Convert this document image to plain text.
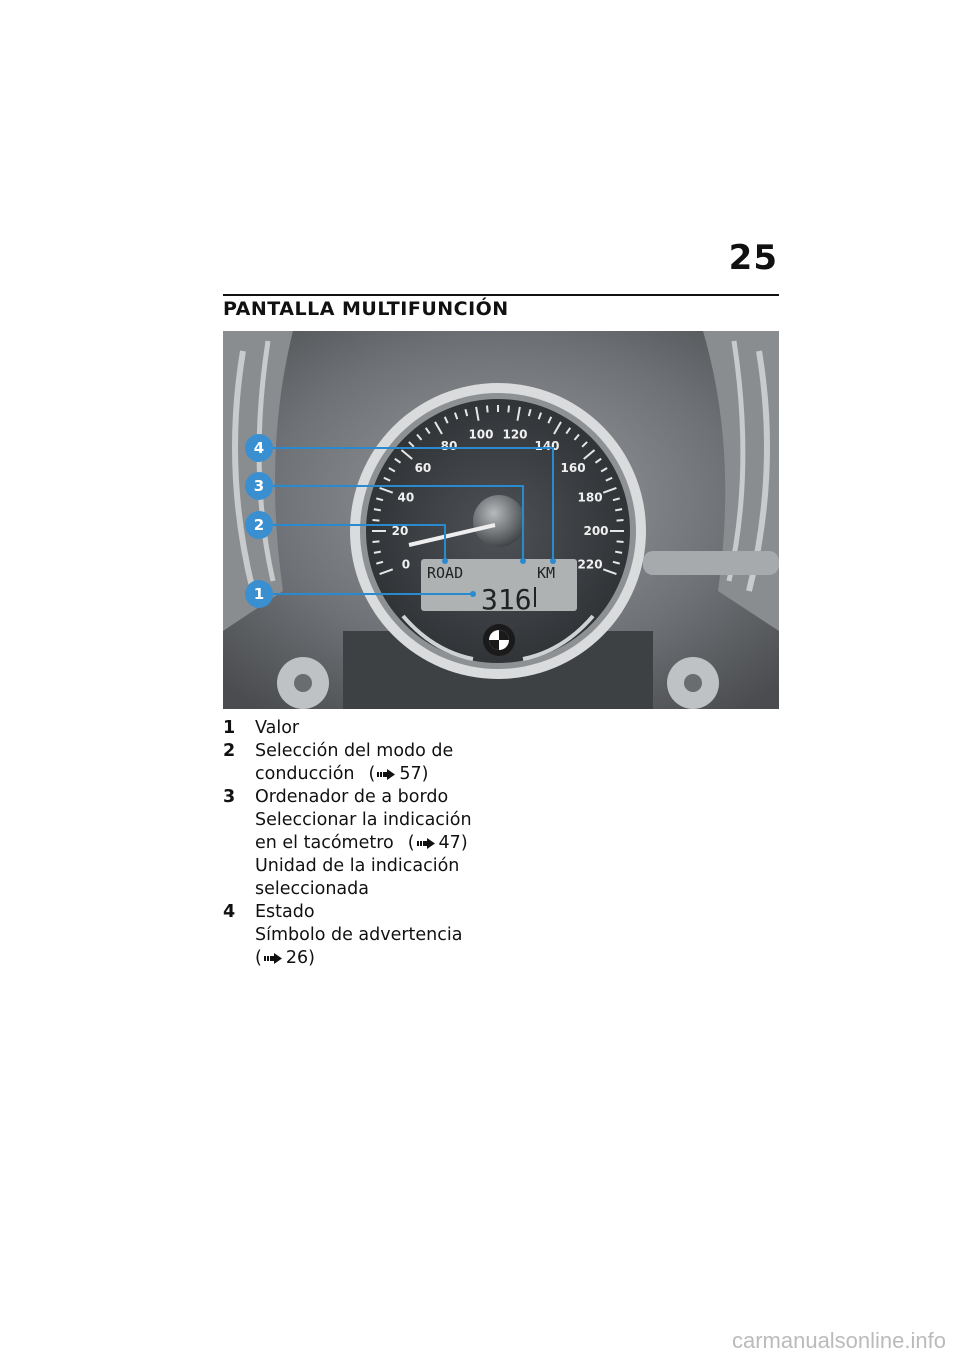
25
PANTALLA MULTIFUNCIÓN
0
20
40
60
80
100 120
140
160
180
200
220
ROAD	KM
316
4
3
2
1
1	Valor
2	Selección del modo de
conducción ( 57)
3	Ordenador de a bordo
Seleccionar la indicación
en el tacómetro ( 47)
Unidad de la indicación
seleccionada
4	Estado
Símbolo de advertencia
( 26)
carmanualsonline.info
